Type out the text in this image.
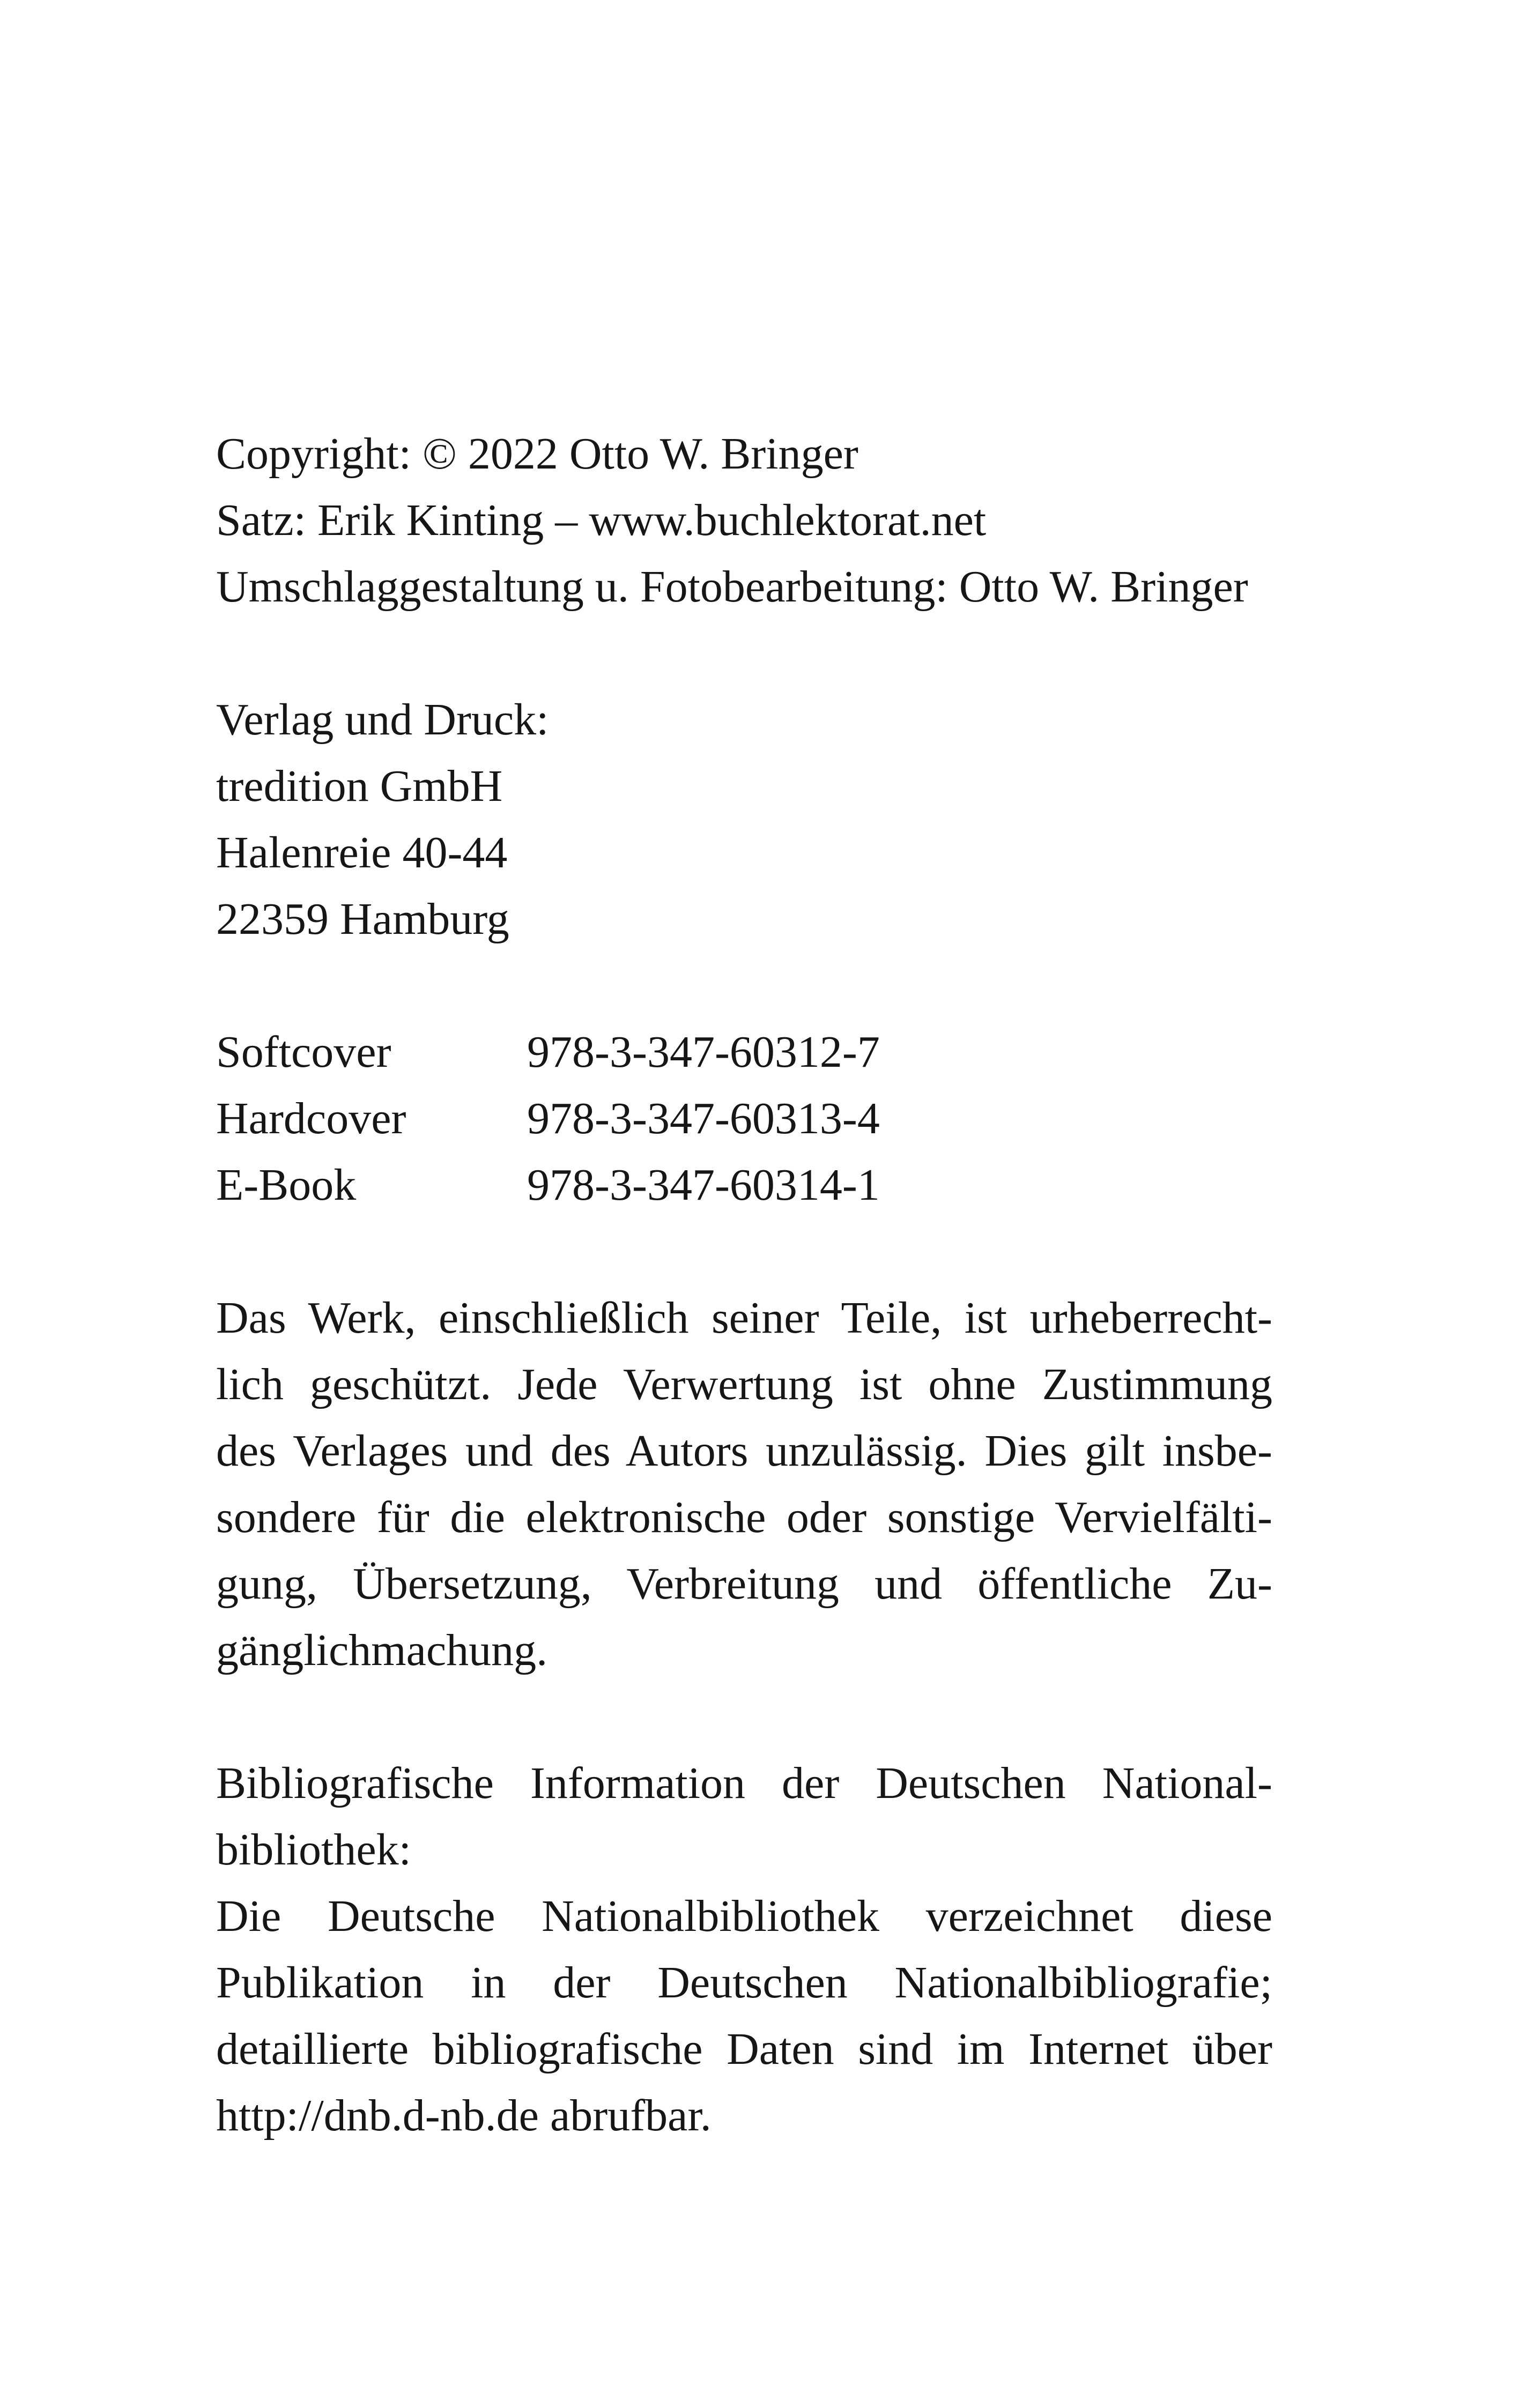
Copyright: © 2022 Otto W. Bringer
Satz: Erik Kinting – www.buchlektorat.net
Umschlaggestaltung u. Fotobearbeitung: Otto W. Bringer
Verlag und Druck:
tredition GmbH
Halenreie 40-44
22359 Hamburg
Softcover	978-3-347-60312-7
Hardcover	978-3-347-60313-4
E-Book	978-3-347-60314-1
Das Werk, einschließlich seiner Teile, ist urheberrecht-
lich geschützt. Jede Verwertung ist ohne Zustimmung
des Verlages und des Autors unzulässig. Dies gilt insbe-
sondere für die elektronische oder sonstige Vervielfälti-
gung, Übersetzung, Verbreitung und öffentliche Zu-
gänglichmachung.
Bibliografische Information der Deutschen National-
bibliothek:
Die Deutsche Nationalbibliothek verzeichnet diese
Publikation in der Deutschen Nationalbibliografie;
detaillierte bibliografische Daten sind im Internet über
http://dnb.d-nb.de abrufbar.
